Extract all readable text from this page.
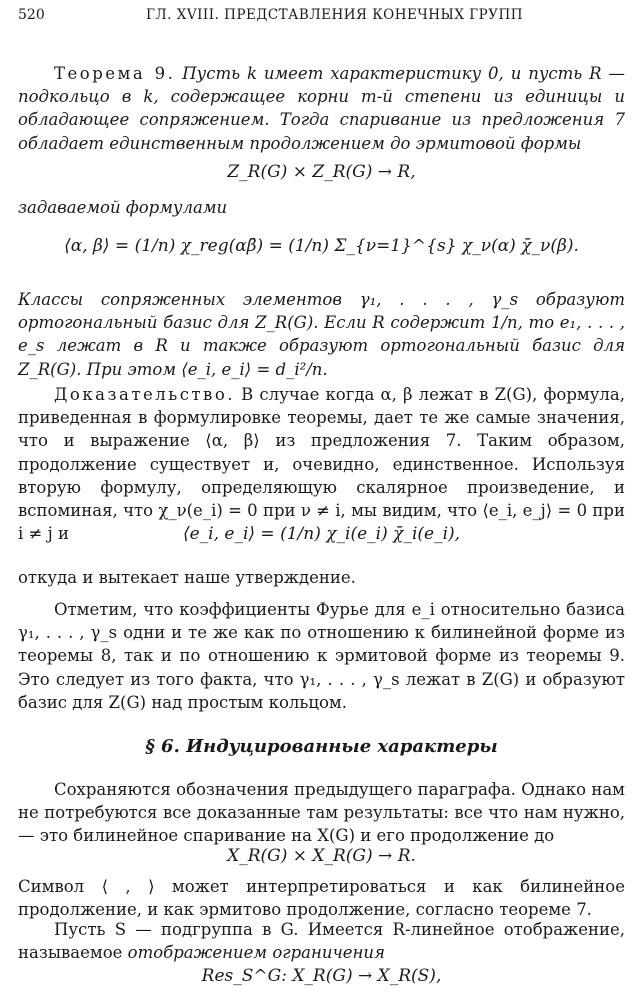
520	ГЛ. XVIII. ПРЕДСТАВЛЕНИЯ КОНЕЧНЫХ ГРУПП

Теорема 9. Пусть k имеет характеристику 0, и пусть R — подкольцо в k, содержащее корни m-й степени из единицы и обладающее сопряжением. Тогда спаривание из предложения 7 обладает единственным продолжением до эрмитовой формы

Z_R(G) × Z_R(G) → R,

задаваемой формулами

⟨α, β⟩ = (1/n) χ_reg(αβ̄) = (1/n) Σ_{ν=1}^{s} χ_ν(α) χ̄_ν(β).

Классы сопряженных элементов γ₁, . . . , γ_s образуют ортогональный базис для Z_R(G). Если R содержит 1/n, то e₁, . . . , e_s лежат в R и также образуют ортогональный базис для Z_R(G). При этом ⟨e_i, e_i⟩ = d_i²/n.

Доказательство. В случае когда α, β лежат в Z(G), формула, приведенная в формулировке теоремы, дает те же самые значения, что и выражение ⟨α, β⟩ из предложения 7. Таким образом, продолжение существует и, очевидно, единственное. Используя вторую формулу, определяющую скалярное произведение, и вспоминая, что χ_ν(e_i) = 0 при ν ≠ i, мы видим, что ⟨e_i, e_j⟩ = 0 при i ≠ j и	⟨e_i, e_i⟩ = (1/n) χ_i(e_i) χ̄_i(e_i),

откуда и вытекает наше утверждение.

Отметим, что коэффициенты Фурье для e_i относительно базиса γ₁, . . . , γ_s одни и те же как по отношению к билинейной форме из теоремы 8, так и по отношению к эрмитовой форме из теоремы 9. Это следует из того факта, что γ₁, . . . , γ_s лежат в Z(G) и образуют базис для Z(G) над простым кольцом.

§ 6. Индуцированные характеры

Сохраняются обозначения предыдущего параграфа. Однако нам не потребуются все доказанные там результаты: все что нам нужно, — это билинейное спаривание на X(G) и его продолжение до

X_R(G) × X_R(G) → R.

Символ ⟨ , ⟩ может интерпретироваться и как билинейное продолжение, и как эрмитово продолжение, согласно теореме 7.

Пусть S — подгруппа в G. Имеется R-линейное отображение, называемое отображением ограничения

Res_S^G: X_R(G) → X_R(S),
